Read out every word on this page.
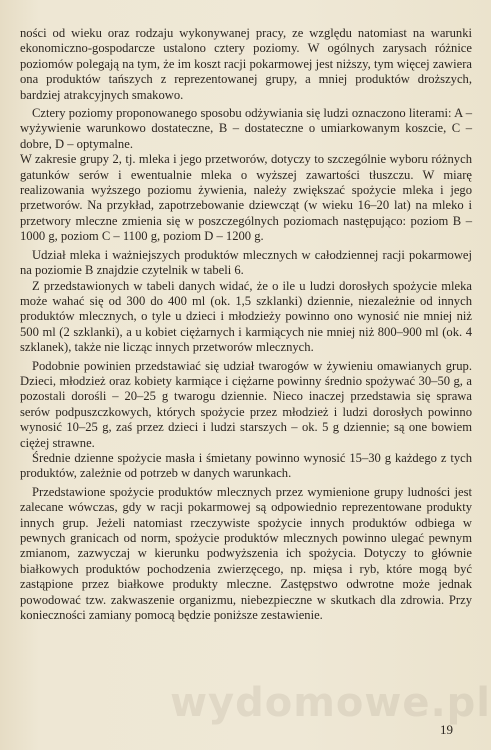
ności od wieku oraz rodzaju wykonywanej pracy, ze względu natomiast na warunki ekonomiczno-gospodarcze ustalono cztery poziomy. W ogólnych zarysach różnice poziomów polegają na tym, że im koszt racji pokarmowej jest niższy, tym więcej zawiera ona produktów tańszych z reprezentowanej grupy, a mniej produktów droższych, bardziej atrakcyjnych smakowo.

Cztery poziomy proponowanego sposobu odżywiania się ludzi oznaczono literami: A – wyżywienie warunkowo dostateczne, B – dostateczne o umiarkowanym koszcie, C – dobre, D – optymalne.

W zakresie grupy 2, tj. mleka i jego przetworów, dotyczy to szczególnie wyboru różnych gatunków serów i ewentualnie mleka o wyższej zawartości tłuszczu. W miarę realizowania wyższego poziomu żywienia, należy zwiększać spożycie mleka i jego przetworów. Na przykład, zapotrzebowanie dziewcząt (w wieku 16–20 lat) na mleko i przetwory mleczne zmienia się w poszczególnych poziomach następująco: poziom B – 1000 g, poziom C – 1100 g, poziom D – 1200 g.

Udział mleka i ważniejszych produktów mlecznych w całodziennej racji pokarmowej na poziomie B znajdzie czytelnik w tabeli 6.

Z przedstawionych w tabeli danych widać, że o ile u ludzi dorosłych spożycie mleka może wahać się od 300 do 400 ml (ok. 1,5 szklanki) dziennie, niezależnie od innych produktów mlecznych, o tyle u dzieci i młodzieży powinno ono wynosić nie mniej niż 500 ml (2 szklanki), a u kobiet ciężarnych i karmiących nie mniej niż 800–900 ml (ok. 4 szklanek), także nie licząc innych przetworów mlecznych.

Podobnie powinien przedstawiać się udział twarogów w żywieniu omawianych grup. Dzieci, młodzież oraz kobiety karmiące i ciężarne powinny średnio spożywać 30–50 g, a pozostali dorośli – 20–25 g twarogu dziennie. Nieco inaczej przedstawia się sprawa serów podpuszczkowych, których spożycie przez młodzież i ludzi dorosłych powinno wynosić 10–25 g, zaś przez dzieci i ludzi starszych – ok. 5 g dziennie; są one bowiem ciężej strawne.

Średnie dzienne spożycie masła i śmietany powinno wynosić 15–30 g każdego z tych produktów, zależnie od potrzeb w danych warunkach.

Przedstawione spożycie produktów mlecznych przez wymienione grupy ludności jest zalecane wówczas, gdy w racji pokarmowej są odpowiednio reprezentowane produkty innych grup. Jeżeli natomiast rzeczywiste spożycie innych produktów odbiega w pewnych granicach od norm, spożycie produktów mlecznych powinno ulegać pewnym zmianom, zazwyczaj w kierunku podwyższenia ich spożycia. Dotyczy to głównie białkowych produktów pochodzenia zwierzęcego, np. mięsa i ryb, które mogą być zastąpione przez białkowe produkty mleczne. Zastępstwo odwrotne może jednak powodować tzw. zakwaszenie organizmu, niebezpieczne w skutkach dla zdrowia. Przy konieczności zamiany pomocą będzie poniższe zestawienie.

wydomowe.pl
19
